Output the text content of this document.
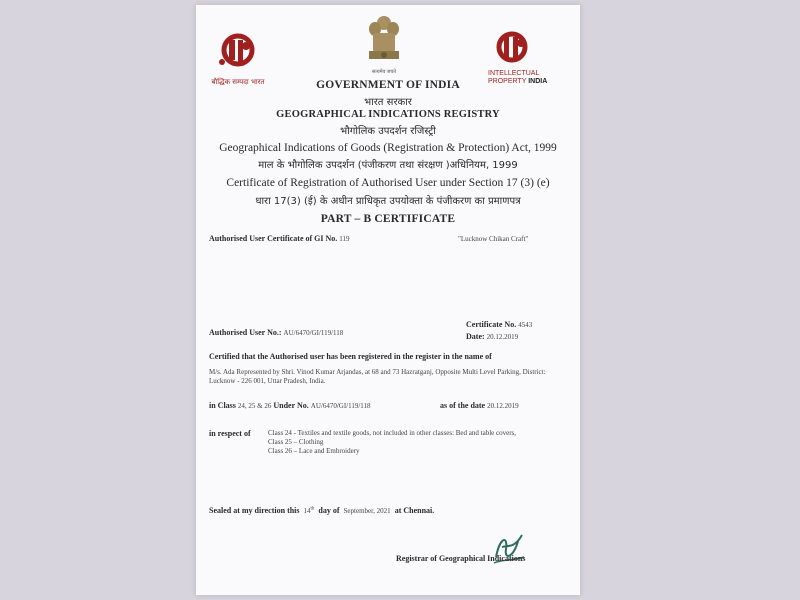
बौद्धिक सम्पदा भारत
सत्यमेव जयते	INTELLECTUAL
PROPERTY INDIA
GOVERNMENT OF INDIA
भारत सरकार
GEOGRAPHICAL INDICATIONS REGISTRY
भौगोलिक उपदर्शन रजिस्ट्री
Geographical Indications of Goods (Registration & Protection) Act, 1999
माल के भौगोलिक उपदर्शन (पंजीकरण तथा संरक्षण )अधिनियम, 1999
Certificate of Registration of Authorised User under Section 17 (3) (e)
धारा 17(3) (ई) के अधीन प्राधिकृत उपयोक्ता के पंजीकरण का प्रमाणपत्र
PART – B CERTIFICATE
Authorised User Certificate of GI No. 119	"Lucknow Chikan Craft"
Certificate No. 4543
Date: 20.12.2019
Authorised User No.: AU/6470/GI/119/118
Certified that the Authorised user has been registered in the register in the name of
M/s. Ada Represented by Shri. Vinod Kumar Arjandas, at 68 and 73 Hazratganj, Opposite Multi Level Parking, District: Lucknow - 226 001, Uttar Pradesh, India.
in Class 24, 25 & 26 Under No. AU/6470/GI/119/118	as of the date 20.12.2019
in respect of Class 24 - Textiles and textile goods, not included in other classes: Bed and table covers,
Class 25 – Clothing
Class 26 – Lace and Embroidery
Sealed at my direction this 14th day of September, 2021 at Chennai.
Registrar of Geographical Indications
